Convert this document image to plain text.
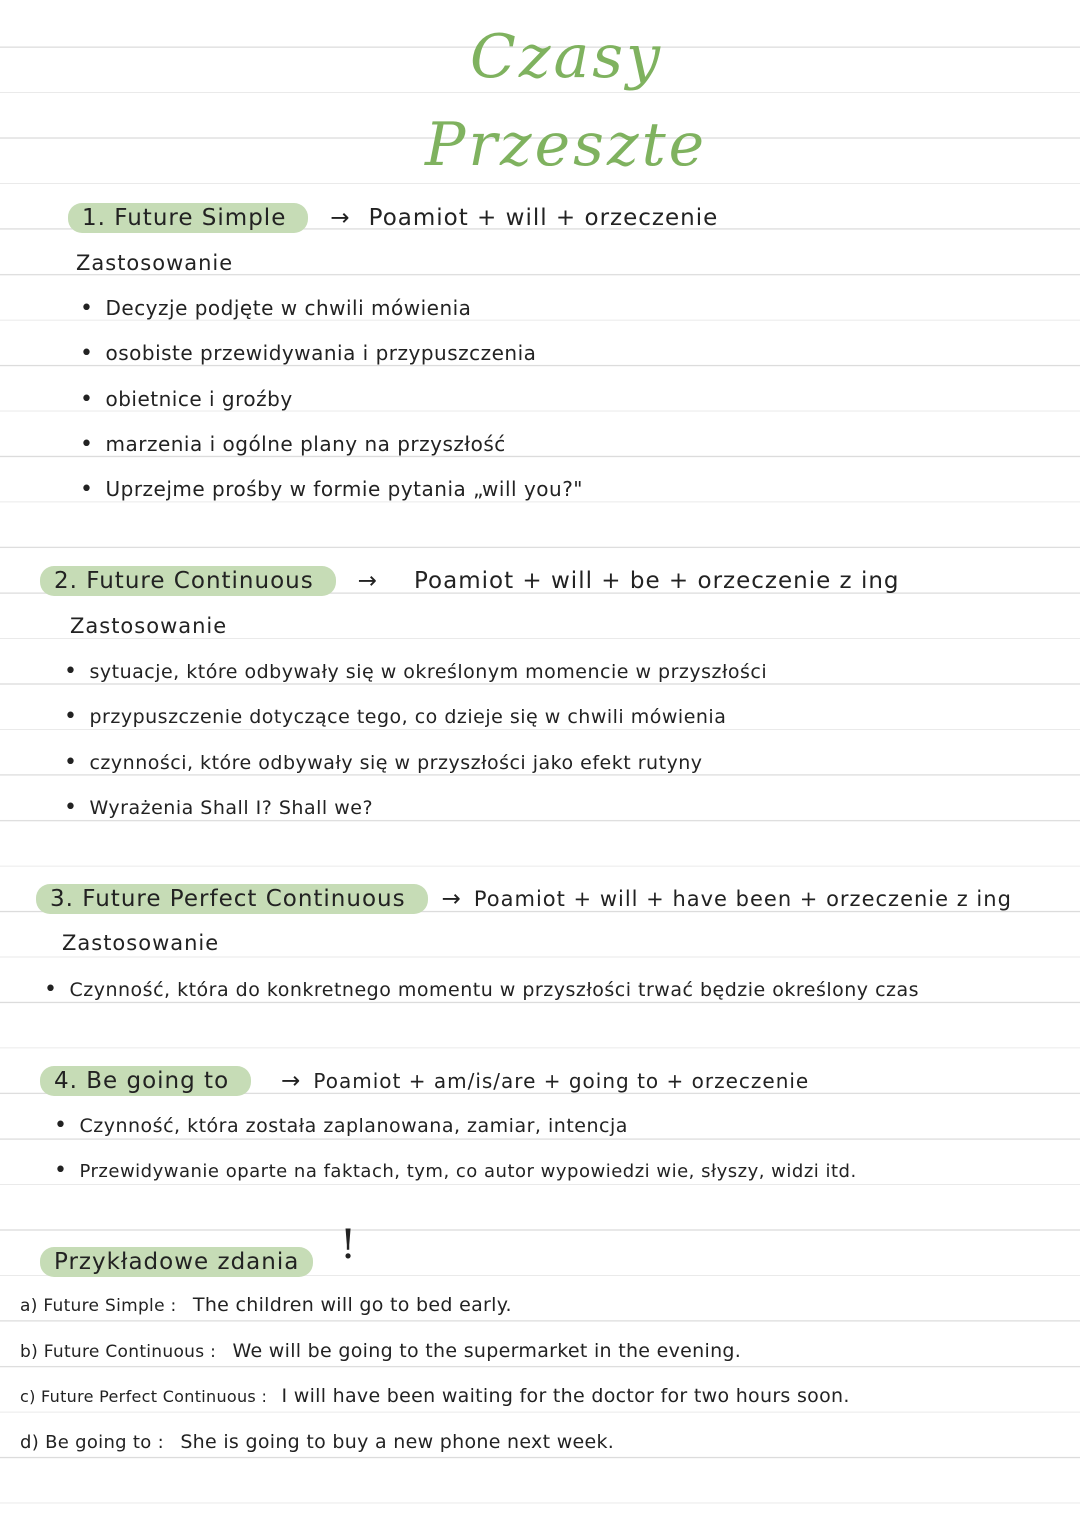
Czasy
Przeszte
1. Future Simple	→ Poamiot + will + orzeczenie
Zastosowanie
• Decyzje podjęte w chwili mówienia
• osobiste przewidywania i przypuszczenia
• obietnice i groźby
• marzenia i ogólne plany na przyszłość
• Uprzejme prośby w formie pytania „will you?"
2. Future Continuous	→ Poamiot + will + be + orzeczenie z ing
Zastosowanie
• sytuacje, które odbywały się w określonym momencie w przyszłości
• przypuszczenie dotyczące tego, co dzieje się w chwili mówienia
• czynności, które odbywały się w przyszłości jako efekt rutyny
• Wyrażenia Shall I? Shall we?
3. Future Perfect Continuous	→ Poamiot + will + have been + orzeczenie z ing
Zastosowanie
• Czynność, która do konkretnego momentu w przyszłości trwać będzie określony czas
4. Be going to	→ Poamiot + am/is/are + going to + orzeczenie
• Czynność, która została zaplanowana, zamiar, intencja
• Przewidywanie oparte na faktach, tym, co autor wypowiedzi wie, słyszy, widzi itd.
Przykładowe zdania	!
a) Future Simple : The children will go to bed early.
b) Future Continuous : We will be going to the supermarket in the evening.
c) Future Perfect Continuous : I will have been waiting for the doctor for two hours soon.
d) Be going to : She is going to buy a new phone next week.
